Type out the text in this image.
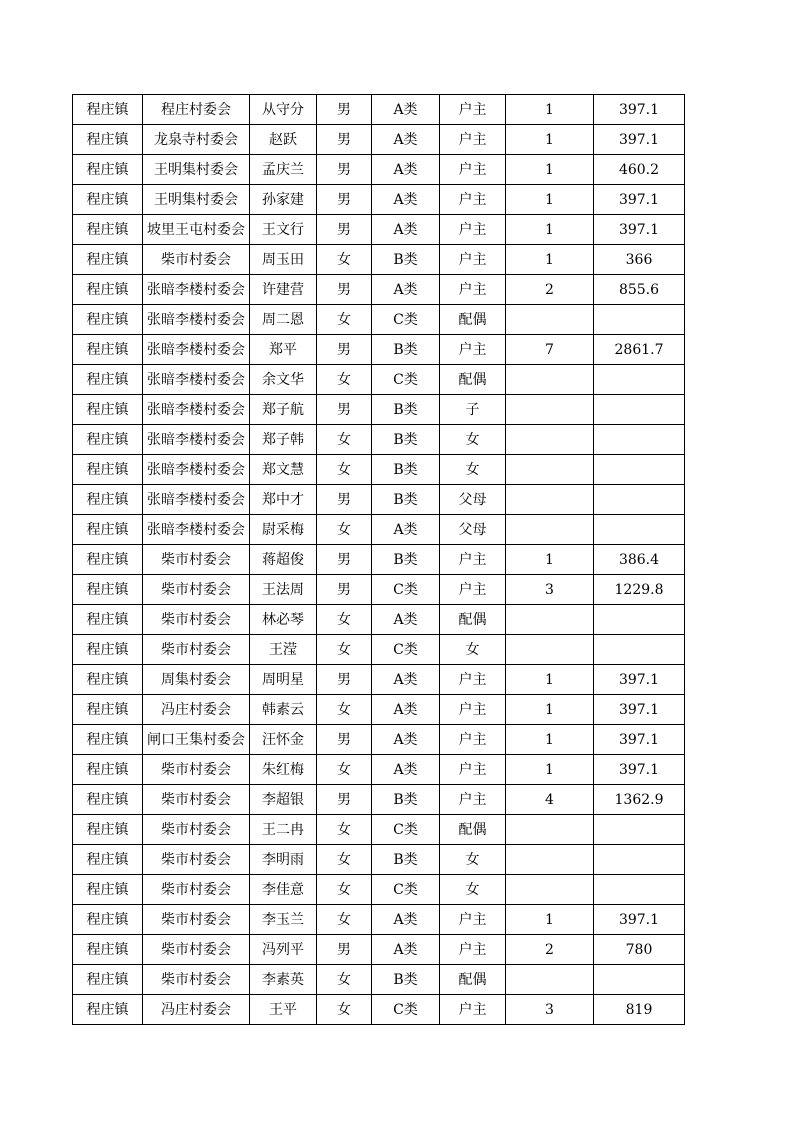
程庄镇	程庄村委会	从守分	男	A类	户主	1	397.1
程庄镇	龙泉寺村委会	赵跃	男	A类	户主	1	397.1
程庄镇	王明集村委会	孟庆兰	男	A类	户主	1	460.2
程庄镇	王明集村委会	孙家建	男	A类	户主	1	397.1
程庄镇	坡里王屯村委会	王文行	男	A类	户主	1	397.1
程庄镇	柴市村委会	周玉田	女	B类	户主	1	366
程庄镇	张暗李楼村委会	许建营	男	A类	户主	2	855.6
程庄镇	张暗李楼村委会	周二恩	女	C类	配偶		
程庄镇	张暗李楼村委会	郑平	男	B类	户主	7	2861.7
程庄镇	张暗李楼村委会	余文华	女	C类	配偶		
程庄镇	张暗李楼村委会	郑子航	男	B类	子		
程庄镇	张暗李楼村委会	郑子韩	女	B类	女		
程庄镇	张暗李楼村委会	郑文慧	女	B类	女		
程庄镇	张暗李楼村委会	郑中才	男	B类	父母		
程庄镇	张暗李楼村委会	尉采梅	女	A类	父母		
程庄镇	柴市村委会	蒋超俊	男	B类	户主	1	386.4
程庄镇	柴市村委会	王法周	男	C类	户主	3	1229.8
程庄镇	柴市村委会	林必琴	女	A类	配偶		
程庄镇	柴市村委会	王滢	女	C类	女		
程庄镇	周集村委会	周明星	男	A类	户主	1	397.1
程庄镇	冯庄村委会	韩素云	女	A类	户主	1	397.1
程庄镇	闸口王集村委会	汪怀金	男	A类	户主	1	397.1
程庄镇	柴市村委会	朱红梅	女	A类	户主	1	397.1
程庄镇	柴市村委会	李超银	男	B类	户主	4	1362.9
程庄镇	柴市村委会	王二冉	女	C类	配偶		
程庄镇	柴市村委会	李明雨	女	B类	女		
程庄镇	柴市村委会	李佳意	女	C类	女		
程庄镇	柴市村委会	李玉兰	女	A类	户主	1	397.1
程庄镇	柴市村委会	冯列平	男	A类	户主	2	780
程庄镇	柴市村委会	李素英	女	B类	配偶		
程庄镇	冯庄村委会	王平	女	C类	户主	3	819
